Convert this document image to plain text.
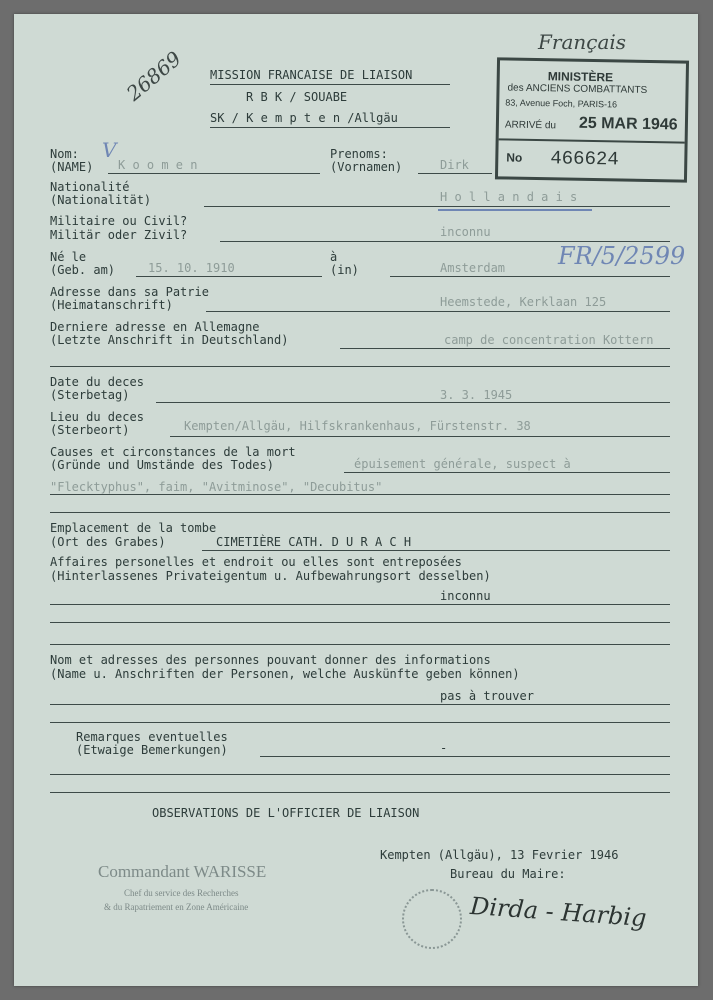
MISSION FRANCAISE DE LIAISON
R B K / SOUABE
SK / K e m p t e n /Allgäu
26869
Français
MINISTÈRE
des ANCIENS COMBATTANTS
83, Avenue Foch, PARIS-16
ARRIVÉ du 25 MAR 1946
No 466624
V
Nom:
(NAME) K o o m e n
Prenoms:
(Vornamen)	Dirk
Nationalité
(Nationalität)	H o l l a n d a i s
Militaire ou Civil?
Militär oder Zivil?	inconnu
Né le
(Geb. am)	15. 10. 1910
à
(in)	Amsterdam FR/5/2599
Adresse dans sa Patrie
(Heimatanschrift)	Heemstede, Kerklaan 125
Derniere adresse en Allemagne
(Letzte Anschrift in Deutschland)	camp de concentration Kottern
Date du deces
(Sterbetag)	3. 3. 1945
Lieu du deces
(Sterbeort)	Kempten/Allgäu, Hilfskrankenhaus, Fürstenstr. 38
Causes et circonstances de la mort
(Gründe und Umstände des Todes)	épuisement générale, suspect à
"Flecktyphus", faim, "Avitminose", "Decubitus"
Emplacement de la tombe
(Ort des Grabes)	CIMETIÈRE CATH. D U R A C H
Affaires personelles et endroit ou elles sont entreposées
(Hinterlassenes Privateigentum u. Aufbewahrungsort desselben)
inconnu
Nom et adresses des personnes pouvant donner des informations
(Name u. Anschriften der Personen, welche Auskünfte geben können)
pas à trouver
Remarques eventuelles
(Etwaige Bemerkungen)	-
OBSERVATIONS DE L'OFFICIER DE LIAISON
Kempten (Allgäu), 13 Fevrier 1946
Bureau du Maire:
Commandant WARISSE
Chef du service des Recherches
& du Rapatriement en Zone Américaine	Dirda - Harbig
